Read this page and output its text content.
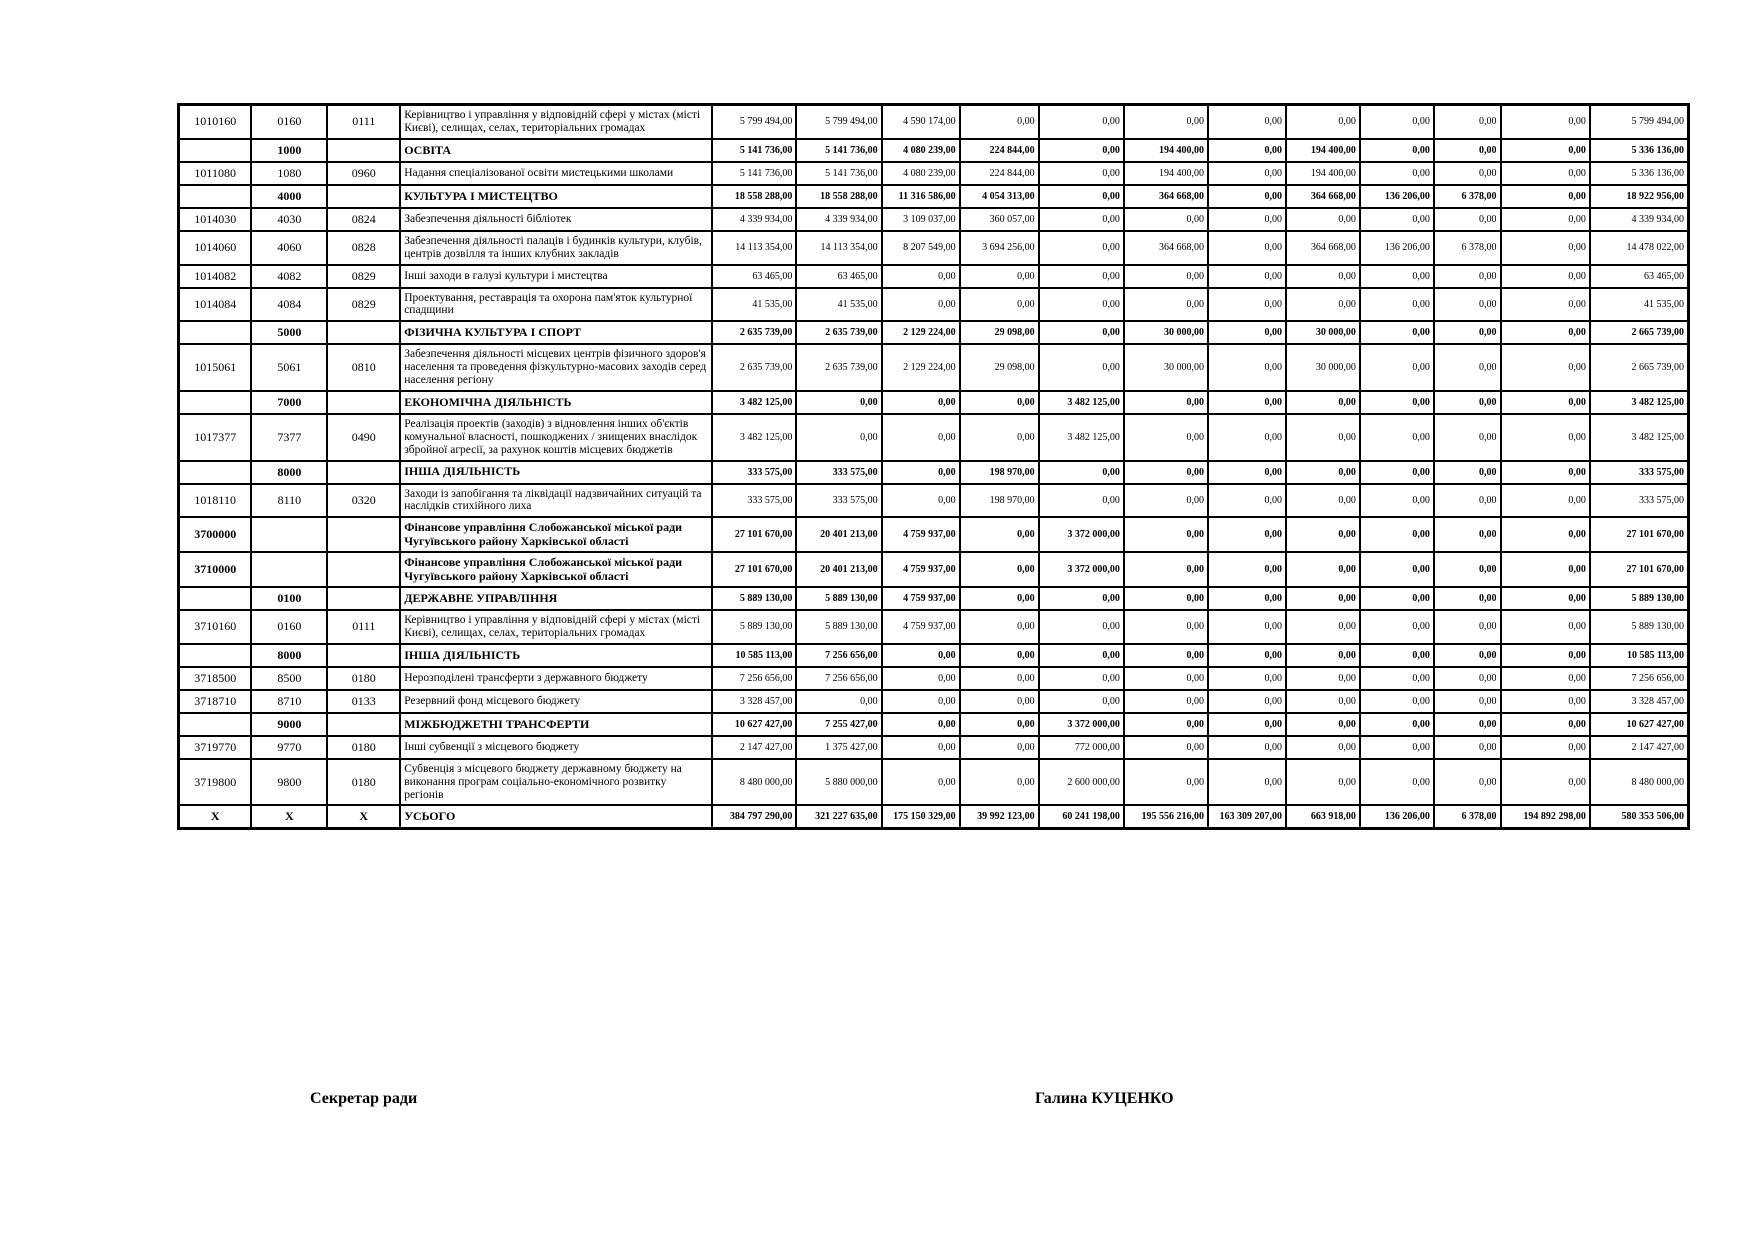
1010160	0160	0111	Керівництво і управління у відповідній сфері у містах (місті Києві), селищах, селах, територіальних громадах	5 799 494,00	5 799 494,00	4 590 174,00	0,00	0,00	0,00	0,00	0,00	0,00	0,00	0,00	5 799 494,00
	1000		ОСВІТА	5 141 736,00	5 141 736,00	4 080 239,00	224 844,00	0,00	194 400,00	0,00	194 400,00	0,00	0,00	0,00	5 336 136,00
1011080	1080	0960	Надання спеціалізованої освіти мистецькими школами	5 141 736,00	5 141 736,00	4 080 239,00	224 844,00	0,00	194 400,00	0,00	194 400,00	0,00	0,00	0,00	5 336 136,00
	4000		КУЛЬТУРА І МИСТЕЦТВО	18 558 288,00	18 558 288,00	11 316 586,00	4 054 313,00	0,00	364 668,00	0,00	364 668,00	136 206,00	6 378,00	0,00	18 922 956,00
1014030	4030	0824	Забезпечення діяльності бібліотек	4 339 934,00	4 339 934,00	3 109 037,00	360 057,00	0,00	0,00	0,00	0,00	0,00	0,00	0,00	4 339 934,00
1014060	4060	0828	Забезпечення діяльності палаців і будинків культури, клубів, центрів дозвілля та інших клубних закладів	14 113 354,00	14 113 354,00	8 207 549,00	3 694 256,00	0,00	364 668,00	0,00	364 668,00	136 206,00	6 378,00	0,00	14 478 022,00
1014082	4082	0829	Інші заходи в галузі культури і мистецтва	63 465,00	63 465,00	0,00	0,00	0,00	0,00	0,00	0,00	0,00	0,00	0,00	63 465,00
1014084	4084	0829	Проектування, реставрація та охорона пам'яток культурної спадщини	41 535,00	41 535,00	0,00	0,00	0,00	0,00	0,00	0,00	0,00	0,00	0,00	41 535,00
	5000		ФІЗИЧНА КУЛЬТУРА І СПОРТ	2 635 739,00	2 635 739,00	2 129 224,00	29 098,00	0,00	30 000,00	0,00	30 000,00	0,00	0,00	0,00	2 665 739,00
1015061	5061	0810	Забезпечення діяльності місцевих центрів фізичного здоров'я населення та проведення фізкультурно-масових заходів серед населення регіону	2 635 739,00	2 635 739,00	2 129 224,00	29 098,00	0,00	30 000,00	0,00	30 000,00	0,00	0,00	0,00	2 665 739,00
	7000		ЕКОНОМІЧНА ДІЯЛЬНІСТЬ	3 482 125,00	0,00	0,00	0,00	3 482 125,00	0,00	0,00	0,00	0,00	0,00	0,00	3 482 125,00
1017377	7377	0490	Реалізація проектів (заходів) з відновлення інших об'єктів комунальної власності, пошкоджених / знищених внаслідок збройної агресії, за рахунок коштів місцевих бюджетів	3 482 125,00	0,00	0,00	0,00	3 482 125,00	0,00	0,00	0,00	0,00	0,00	0,00	3 482 125,00
	8000		ІНША ДІЯЛЬНІСТЬ	333 575,00	333 575,00	0,00	198 970,00	0,00	0,00	0,00	0,00	0,00	0,00	0,00	333 575,00
1018110	8110	0320	Заходи із запобігання та ліквідації надзвичайних ситуацій та наслідків стихійного лиха	333 575,00	333 575,00	0,00	198 970,00	0,00	0,00	0,00	0,00	0,00	0,00	0,00	333 575,00
3700000			Фінансове управління Слобожанської міської ради Чугуївського району Харківської області	27 101 670,00	20 401 213,00	4 759 937,00	0,00	3 372 000,00	0,00	0,00	0,00	0,00	0,00	0,00	27 101 670,00
3710000			Фінансове управління Слобожанської міської ради Чугуївського району Харківської області	27 101 670,00	20 401 213,00	4 759 937,00	0,00	3 372 000,00	0,00	0,00	0,00	0,00	0,00	0,00	27 101 670,00
	0100		ДЕРЖАВНЕ УПРАВЛІННЯ	5 889 130,00	5 889 130,00	4 759 937,00	0,00	0,00	0,00	0,00	0,00	0,00	0,00	0,00	5 889 130,00
3710160	0160	0111	Керівництво і управління у відповідній сфері у містах (місті Києві), селищах, селах, територіальних громадах	5 889 130,00	5 889 130,00	4 759 937,00	0,00	0,00	0,00	0,00	0,00	0,00	0,00	0,00	5 889 130,00
	8000		ІНША ДІЯЛЬНІСТЬ	10 585 113,00	7 256 656,00	0,00	0,00	0,00	0,00	0,00	0,00	0,00	0,00	0,00	10 585 113,00
3718500	8500	0180	Нерозподілені трансферти з державного бюджету	7 256 656,00	7 256 656,00	0,00	0,00	0,00	0,00	0,00	0,00	0,00	0,00	0,00	7 256 656,00
3718710	8710	0133	Резервний фонд місцевого бюджету	3 328 457,00	0,00	0,00	0,00	0,00	0,00	0,00	0,00	0,00	0,00	0,00	3 328 457,00
	9000		МІЖБЮДЖЕТНІ ТРАНСФЕРТИ	10 627 427,00	7 255 427,00	0,00	0,00	3 372 000,00	0,00	0,00	0,00	0,00	0,00	0,00	10 627 427,00
3719770	9770	0180	Інші субвенції з місцевого бюджету	2 147 427,00	1 375 427,00	0,00	0,00	772 000,00	0,00	0,00	0,00	0,00	0,00	0,00	2 147 427,00
3719800	9800	0180	Субвенція з місцевого бюджету державному бюджету на виконання програм соціально-економічного розвитку регіонів	8 480 000,00	5 880 000,00	0,00	0,00	2 600 000,00	0,00	0,00	0,00	0,00	0,00	0,00	8 480 000,00
Х	Х	Х	УСЬОГО	384 797 290,00	321 227 635,00	175 150 329,00	39 992 123,00	60 241 198,00	195 556 216,00	163 309 207,00	663 918,00	136 206,00	6 378,00	194 892 298,00	580 353 506,00
Секретар ради	Галина КУЦЕНКО
